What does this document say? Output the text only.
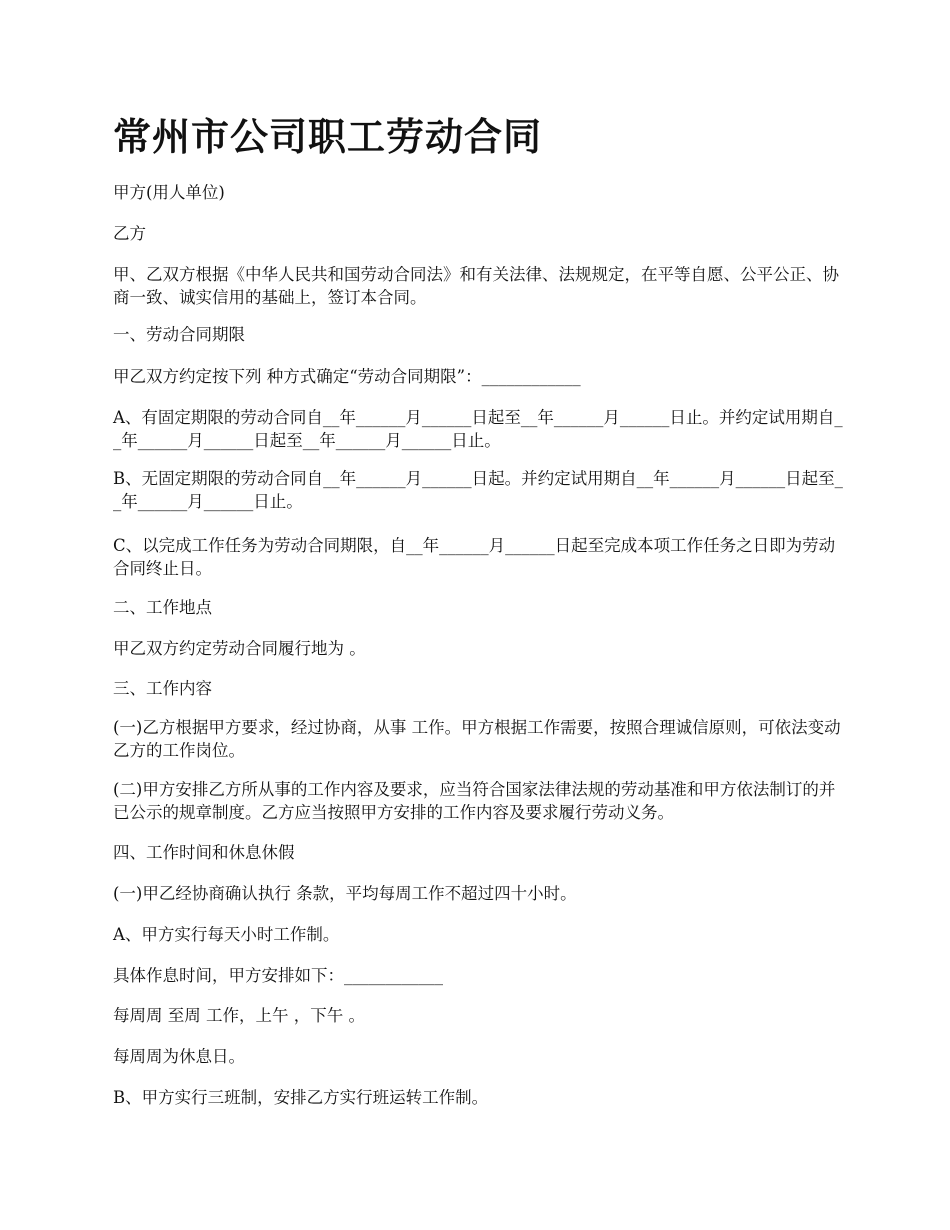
常州市公司职工劳动合同

甲方(用人单位)

乙方

甲、乙双方根据《中华人民共和国劳动合同法》和有关法律、法规规定，在平等自愿、公平公正、协商一致、诚实信用的基础上，签订本合同。

一、劳动合同期限

甲乙双方约定按下列 种方式确定“劳动合同期限”：____________

A、有固定期限的劳动合同自__年______月______日起至__年______月______日止。并约定试用期自__年______月______日起至__年______月______日止。

B、无固定期限的劳动合同自__年______月______日起。并约定试用期自__年______月______日起至__年______月______日止。

C、以完成工作任务为劳动合同期限，自__年______月______日起至完成本项工作任务之日即为劳动合同终止日。

二、工作地点

甲乙双方约定劳动合同履行地为 。

三、工作内容

(一)乙方根据甲方要求，经过协商，从事 工作。甲方根据工作需要，按照合理诚信原则，可依法变动乙方的工作岗位。

(二)甲方安排乙方所从事的工作内容及要求，应当符合国家法律法规的劳动基准和甲方依法制订的并已公示的规章制度。乙方应当按照甲方安排的工作内容及要求履行劳动义务。

四、工作时间和休息休假

(一)甲乙经协商确认执行 条款，平均每周工作不超过四十小时。

A、甲方实行每天小时工作制。

具体作息时间，甲方安排如下：____________

每周周 至周 工作，上午 ，下午 。

每周周为休息日。

B、甲方实行三班制，安排乙方实行班运转工作制。
